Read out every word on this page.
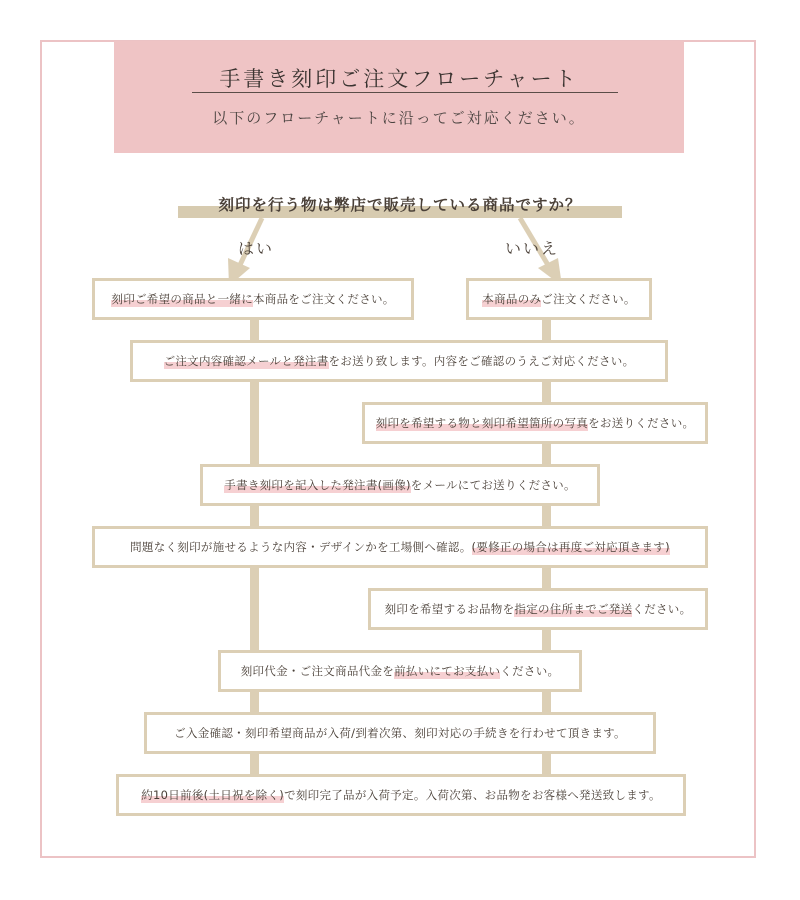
手書き刻印ご注文フローチャート
以下のフローチャートに沿ってご対応ください。
刻印を行う物は弊店で販売している商品ですか？
はい	いいえ
刻印ご希望の商品と一緒に 本商品をご注文ください。	本商品のみ ご注文ください。
ご注文内容確認メールと発注書 をお送り致します。内容をご確認のうえご対応ください。
刻印を希望する物と刻印希望箇所の写真 をお送りください。
手書き刻印を記入した発注書(画像) をメールにてお送りください。
問題なく刻印が施せるような内容・デザインかを工場側へ確認。 (要修正の場合は再度ご対応頂きます)
刻印を希望するお品物を 指定の住所までご発送 ください。
刻印代金・ご注文商品代金を 前払いにてお支払い ください。
ご入金確認・刻印希望商品が入荷/到着次第、刻印対応の手続きを行わせて頂きます。
約10日前後(土日祝を除く) で刻印完了品が入荷予定。入荷次第、お品物をお客様へ発送致します。
